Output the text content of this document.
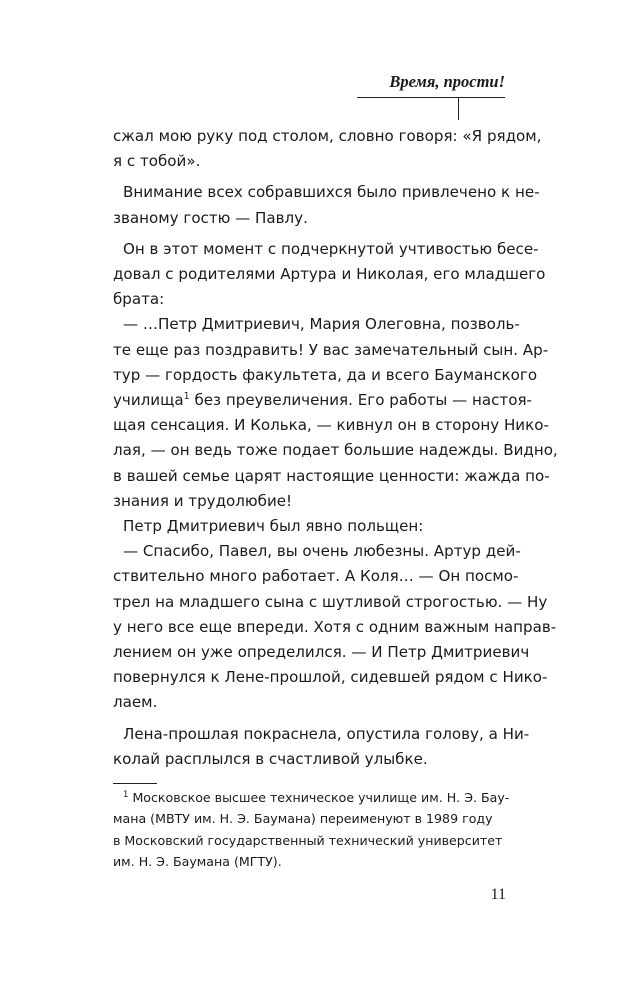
Время, прости!

сжал мою руку под столом, словно говоря: «Я рядом,

я с тобой».

Внимание всех собравшихся было привлечено к не-

званому гостю — Павлу.

Он в этот момент с подчеркнутой учтивостью бесе-

довал с родителями Артура и Николая, его младшего

брата:

— …Петр Дмитриевич, Мария Олеговна, позволь-

те еще раз поздравить! У вас замечательный сын. Ар-

тур — гордость факультета, да и всего Бауманского

училища$^1$ без преувеличения. Его работы — настоя-

щая сенсация. И Колька, — кивнул он в сторону Нико-

лая, — он ведь тоже подает большие надежды. Видно,

в вашей семье царят настоящие ценности: жажда по-

знания и трудолюбие!

Петр Дмитриевич был явно польщен:

— Спасибо, Павел, вы очень любезны. Артур дей-

ствительно много работает. А Коля… — Он посмо-

трел на младшего сына с шутливой строгостью. — Ну

у него все еще впереди. Хотя с одним важным направ-

лением он уже определился. — И Петр Дмитриевич

повернулся к Лене-прошлой, сидевшей рядом с Нико-

лаем.

Лена-прошлая покраснела, опустила голову, а Ни-

колай расплылся в счастливой улыбке.

$^1$ Московское высшее техническое училище им. Н. Э. Бау-

мана (МВТУ им. Н. Э. Баумана) переименуют в 1989 году

в Московский государственный технический университет

им. Н. Э. Баумана (МГТУ).

11
